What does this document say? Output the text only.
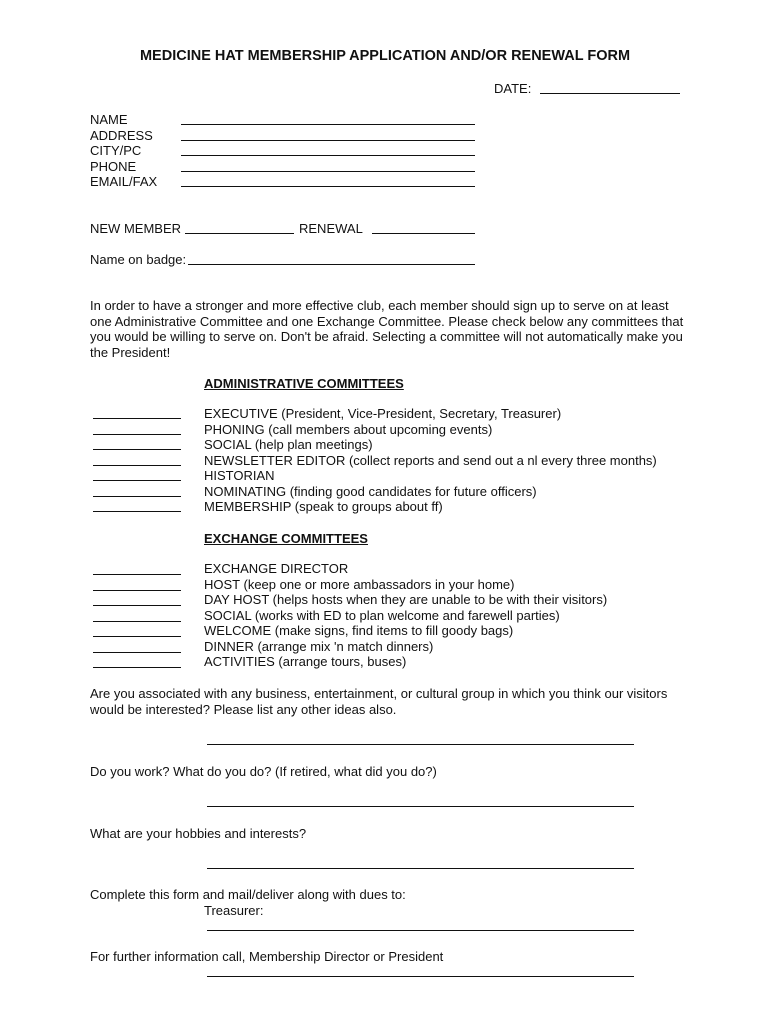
MEDICINE HAT MEMBERSHIP APPLICATION AND/OR RENEWAL FORM
DATE:
NAME
ADDRESS
CITY/PC
PHONE
EMAIL/FAX
NEW MEMBER	RENEWAL
Name on badge:
In order to have a stronger and more effective club, each member should sign up to serve on at least one Administrative Committee and one Exchange Committee. Please check below any committees that you would be willing to serve on. Don't be afraid. Selecting a committee will not automatically make you the President!
ADMINISTRATIVE COMMITTEES
EXECUTIVE (President, Vice-President, Secretary, Treasurer)
PHONING (call members about upcoming events)
SOCIAL (help plan meetings)
NEWSLETTER EDITOR (collect reports and send out a nl every three months)
HISTORIAN
NOMINATING (finding good candidates for future officers)
MEMBERSHIP (speak to groups about ff)
EXCHANGE COMMITTEES
EXCHANGE DIRECTOR
HOST (keep one or more ambassadors in your home)
DAY HOST (helps hosts when they are unable to be with their visitors)
SOCIAL (works with ED to plan welcome and farewell parties)
WELCOME (make signs, find items to fill goody bags)
DINNER (arrange mix 'n match dinners)
ACTIVITIES (arrange tours, buses)
Are you associated with any business, entertainment, or cultural group in which you think our visitors would be interested? Please list any other ideas also.
Do you work? What do you do? (If retired, what did you do?)
What are your hobbies and interests?
Complete this form and mail/deliver along with dues to:
Treasurer:
For further information call, Membership Director or President
